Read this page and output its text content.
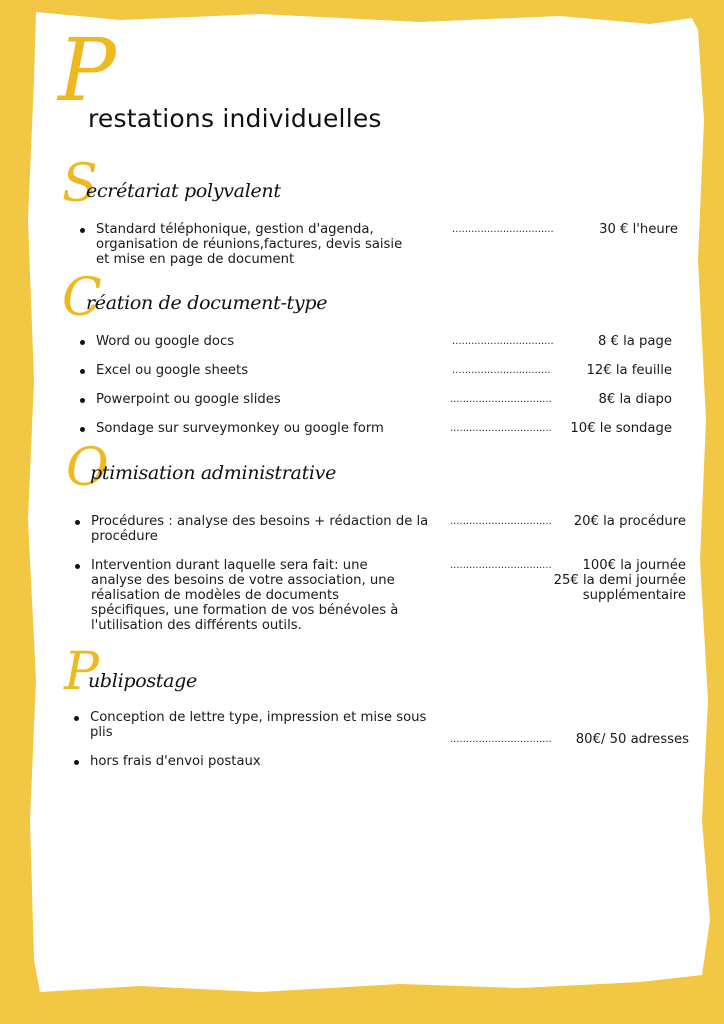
P
restations individuelles
S
ecrétariat polyvalent
Standard téléphonique, gestion d'agenda, organisation de réunions,factures, devis saisie et mise en page de document
................................	30 € l'heure
C
réation de document-type
Word ou google docs	................................	8 € la page
Excel ou google sheets	...............................	12€ la feuille
Powerpoint ou google slides	................................	8€ la diapo
Sondage sur surveymonkey ou google form	................................ 10€ le sondage
O
ptimisation administrative
Procédures : analyse des besoins + rédaction de la procédure
................................ 20€ la procédure
Intervention durant laquelle sera fait: une analyse des besoins de votre association, une réalisation de modèles de documents spécifiques, une formation de vos bénévoles à l'utilisation des différents outils.
................................ 100€ la journée
25€ la demi journée
supplémentaire
P
ublipostage
Conception de lettre type, impression et mise sous plis	................................ 80€/ 50 adresses
hors frais d'envoi postaux
